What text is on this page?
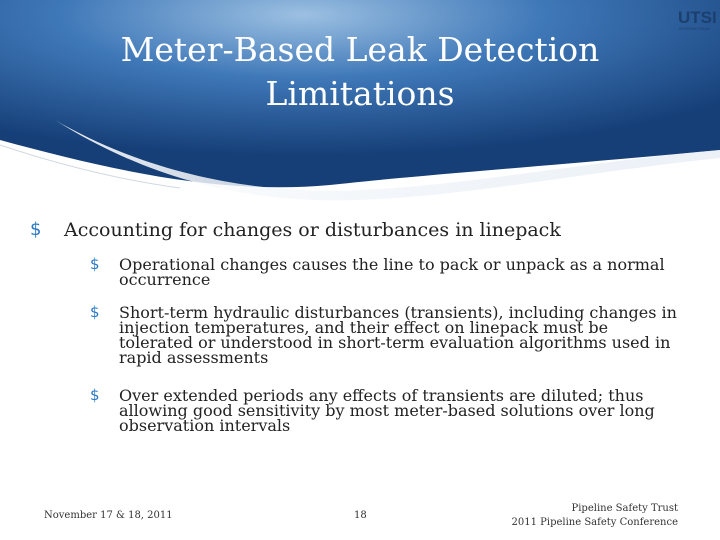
UTSI
INTERNATIONAL
Meter-Based Leak Detection
Limitations
$	Accounting for changes or disturbances in linepack
$	Operational changes causes the line to pack or unpack as a normal occurrence
$	Short-term hydraulic disturbances (transients), including changes in injection temperatures, and their effect on linepack must be tolerated or understood in short-term evaluation algorithms used in rapid assessments
$	Over extended periods any effects of transients are diluted; thus allowing good sensitivity by most meter-based solutions over long observation intervals
November 17 & 18, 2011	18
Pipeline Safety Trust
2011 Pipeline Safety Conference
